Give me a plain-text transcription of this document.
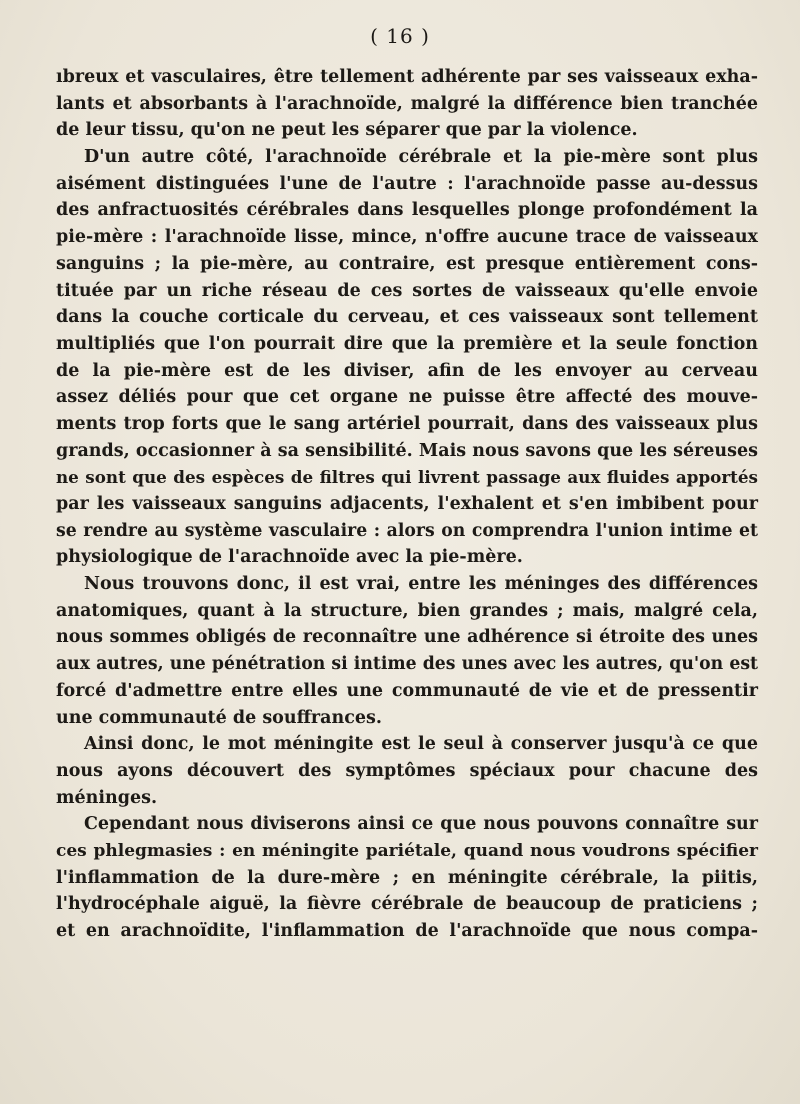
( 16 )
ıbreux et vasculaires, être tellement adhérente par ses vaisseaux exha-
lants et absorbants à l'arachnoïde, malgré la différence bien tranchée
de leur tissu, qu'on ne peut les séparer que par la violence.
D'un autre côté, l'arachnoïde cérébrale et la pie-mère sont plus
aisément distinguées l'une de l'autre : l'arachnoïde passe au-dessus
des anfractuosités cérébrales dans lesquelles plonge profondément la
pie-mère : l'arachnoïde lisse, mince, n'offre aucune trace de vaisseaux
sanguins ; la pie-mère, au contraire, est presque entièrement cons-
tituée par un riche réseau de ces sortes de vaisseaux qu'elle envoie
dans la couche corticale du cerveau, et ces vaisseaux sont tellement
multipliés que l'on pourrait dire que la première et la seule fonction
de la pie-mère est de les diviser, afin de les envoyer au cerveau
assez déliés pour que cet organe ne puisse être affecté des mouve-
ments trop forts que le sang artériel pourrait, dans des vaisseaux plus
grands, occasionner à sa sensibilité. Mais nous savons que les séreuses
ne sont que des espèces de filtres qui livrent passage aux fluides apportés
par les vaisseaux sanguins adjacents, l'exhalent et s'en imbibent pour
se rendre au système vasculaire : alors on comprendra l'union intime et
physiologique de l'arachnoïde avec la pie-mère.
Nous trouvons donc, il est vrai, entre les méninges des différences
anatomiques, quant à la structure, bien grandes ; mais, malgré cela,
nous sommes obligés de reconnaître une adhérence si étroite des unes
aux autres, une pénétration si intime des unes avec les autres, qu'on est
forcé d'admettre entre elles une communauté de vie et de pressentir
une communauté de souffrances.
Ainsi donc, le mot méningite est le seul à conserver jusqu'à ce que
nous ayons découvert des symptômes spéciaux pour chacune des
méninges.
Cependant nous diviserons ainsi ce que nous pouvons connaître sur
ces phlegmasies : en méningite pariétale, quand nous voudrons spécifier
l'inflammation de la dure-mère ; en méningite cérébrale, la piitis,
l'hydrocéphale aiguë, la fièvre cérébrale de beaucoup de praticiens ;
et en arachnoïdite, l'inflammation de l'arachnoïde que nous compa-
